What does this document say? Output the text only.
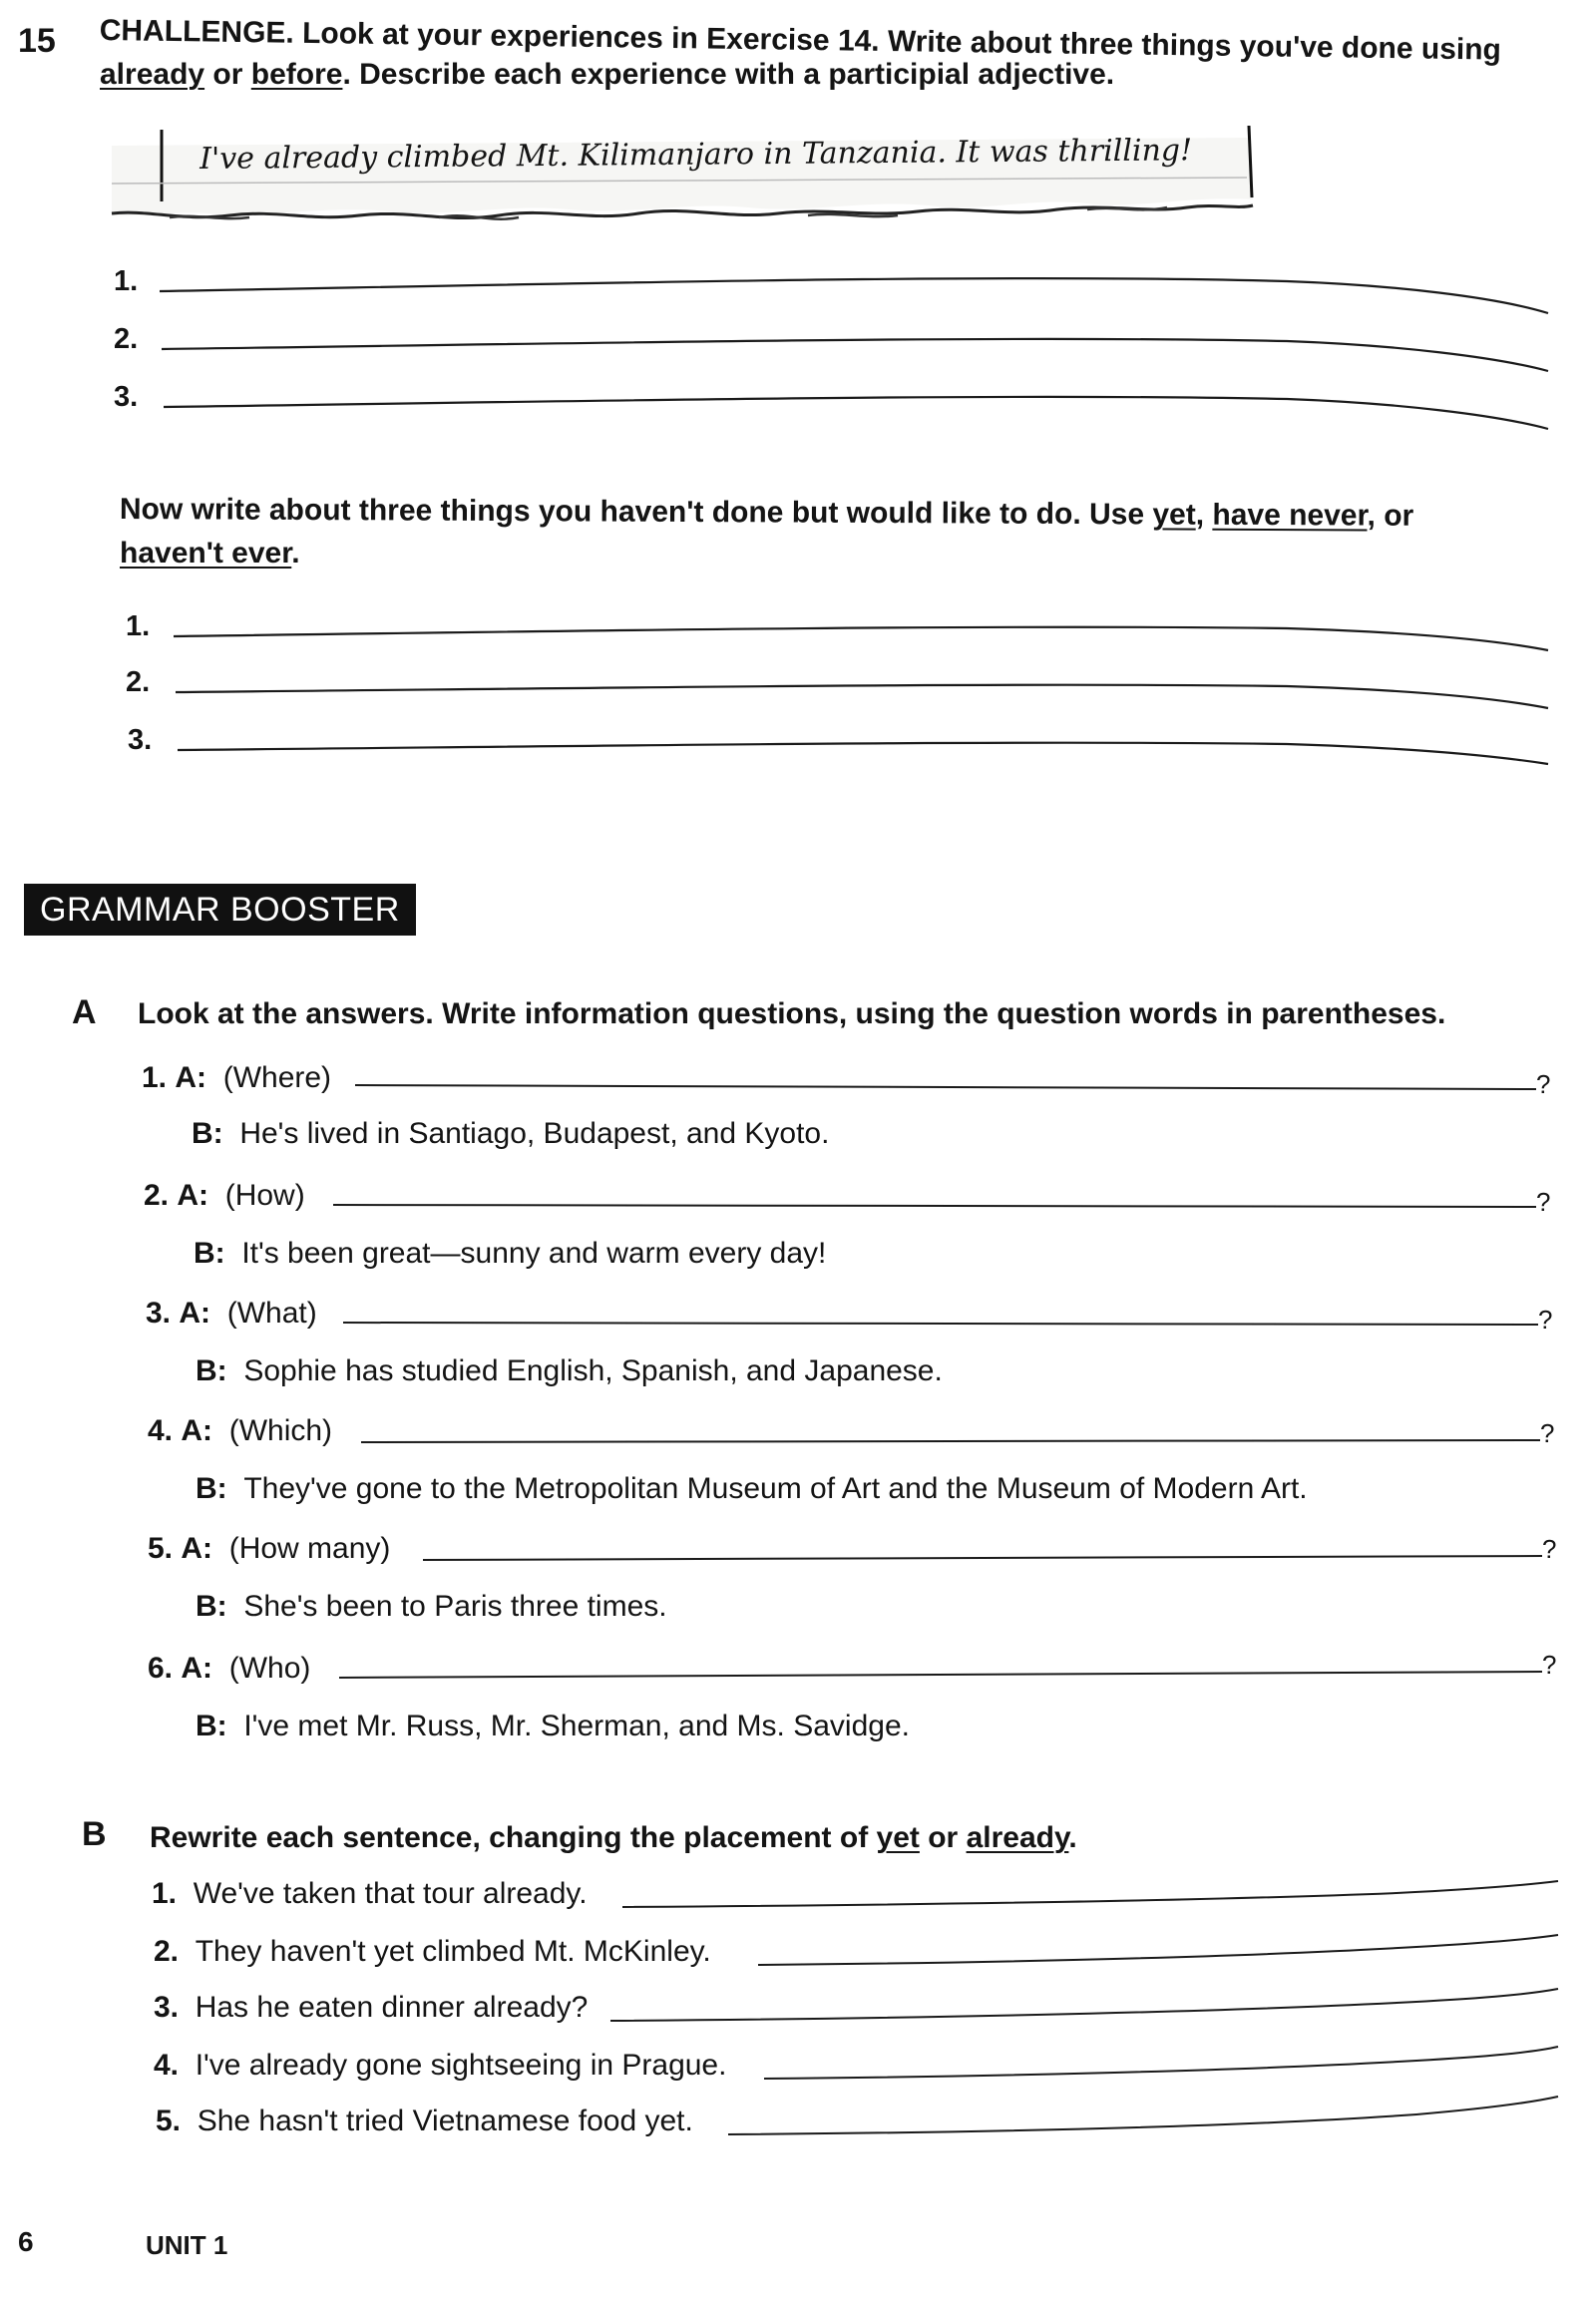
15 CHALLENGE. Look at your experiences in Exercise 14. Write about three things you've done using
already or before. Describe each experience with a participial adjective.
I've already climbed Mt. Kilimanjaro in Tanzania. It was thrilling!
1.
2.
3.
Now write about three things you haven't done but would like to do. Use yet, have never, or
haven't ever.
1.
2.
3.
GRAMMAR BOOSTER
A Look at the answers. Write information questions, using the question words in parentheses.
1. A: (Where)	?
B: He's lived in Santiago, Budapest, and Kyoto.
2. A: (How)	?
B: It's been great—sunny and warm every day!
3. A: (What)	?
B: Sophie has studied English, Spanish, and Japanese.
4. A: (Which)	?
B: They've gone to the Metropolitan Museum of Art and the Museum of Modern Art.
5. A: (How many)	?
B: She's been to Paris three times.
6. A: (Who)	?
B: I've met Mr. Russ, Mr. Sherman, and Ms. Savidge.
B Rewrite each sentence, changing the placement of yet or already.
1. We've taken that tour already.
2. They haven't yet climbed Mt. McKinley.
3. Has he eaten dinner already?
4. I've already gone sightseeing in Prague.
5. She hasn't tried Vietnamese food yet.
6	UNIT 1
